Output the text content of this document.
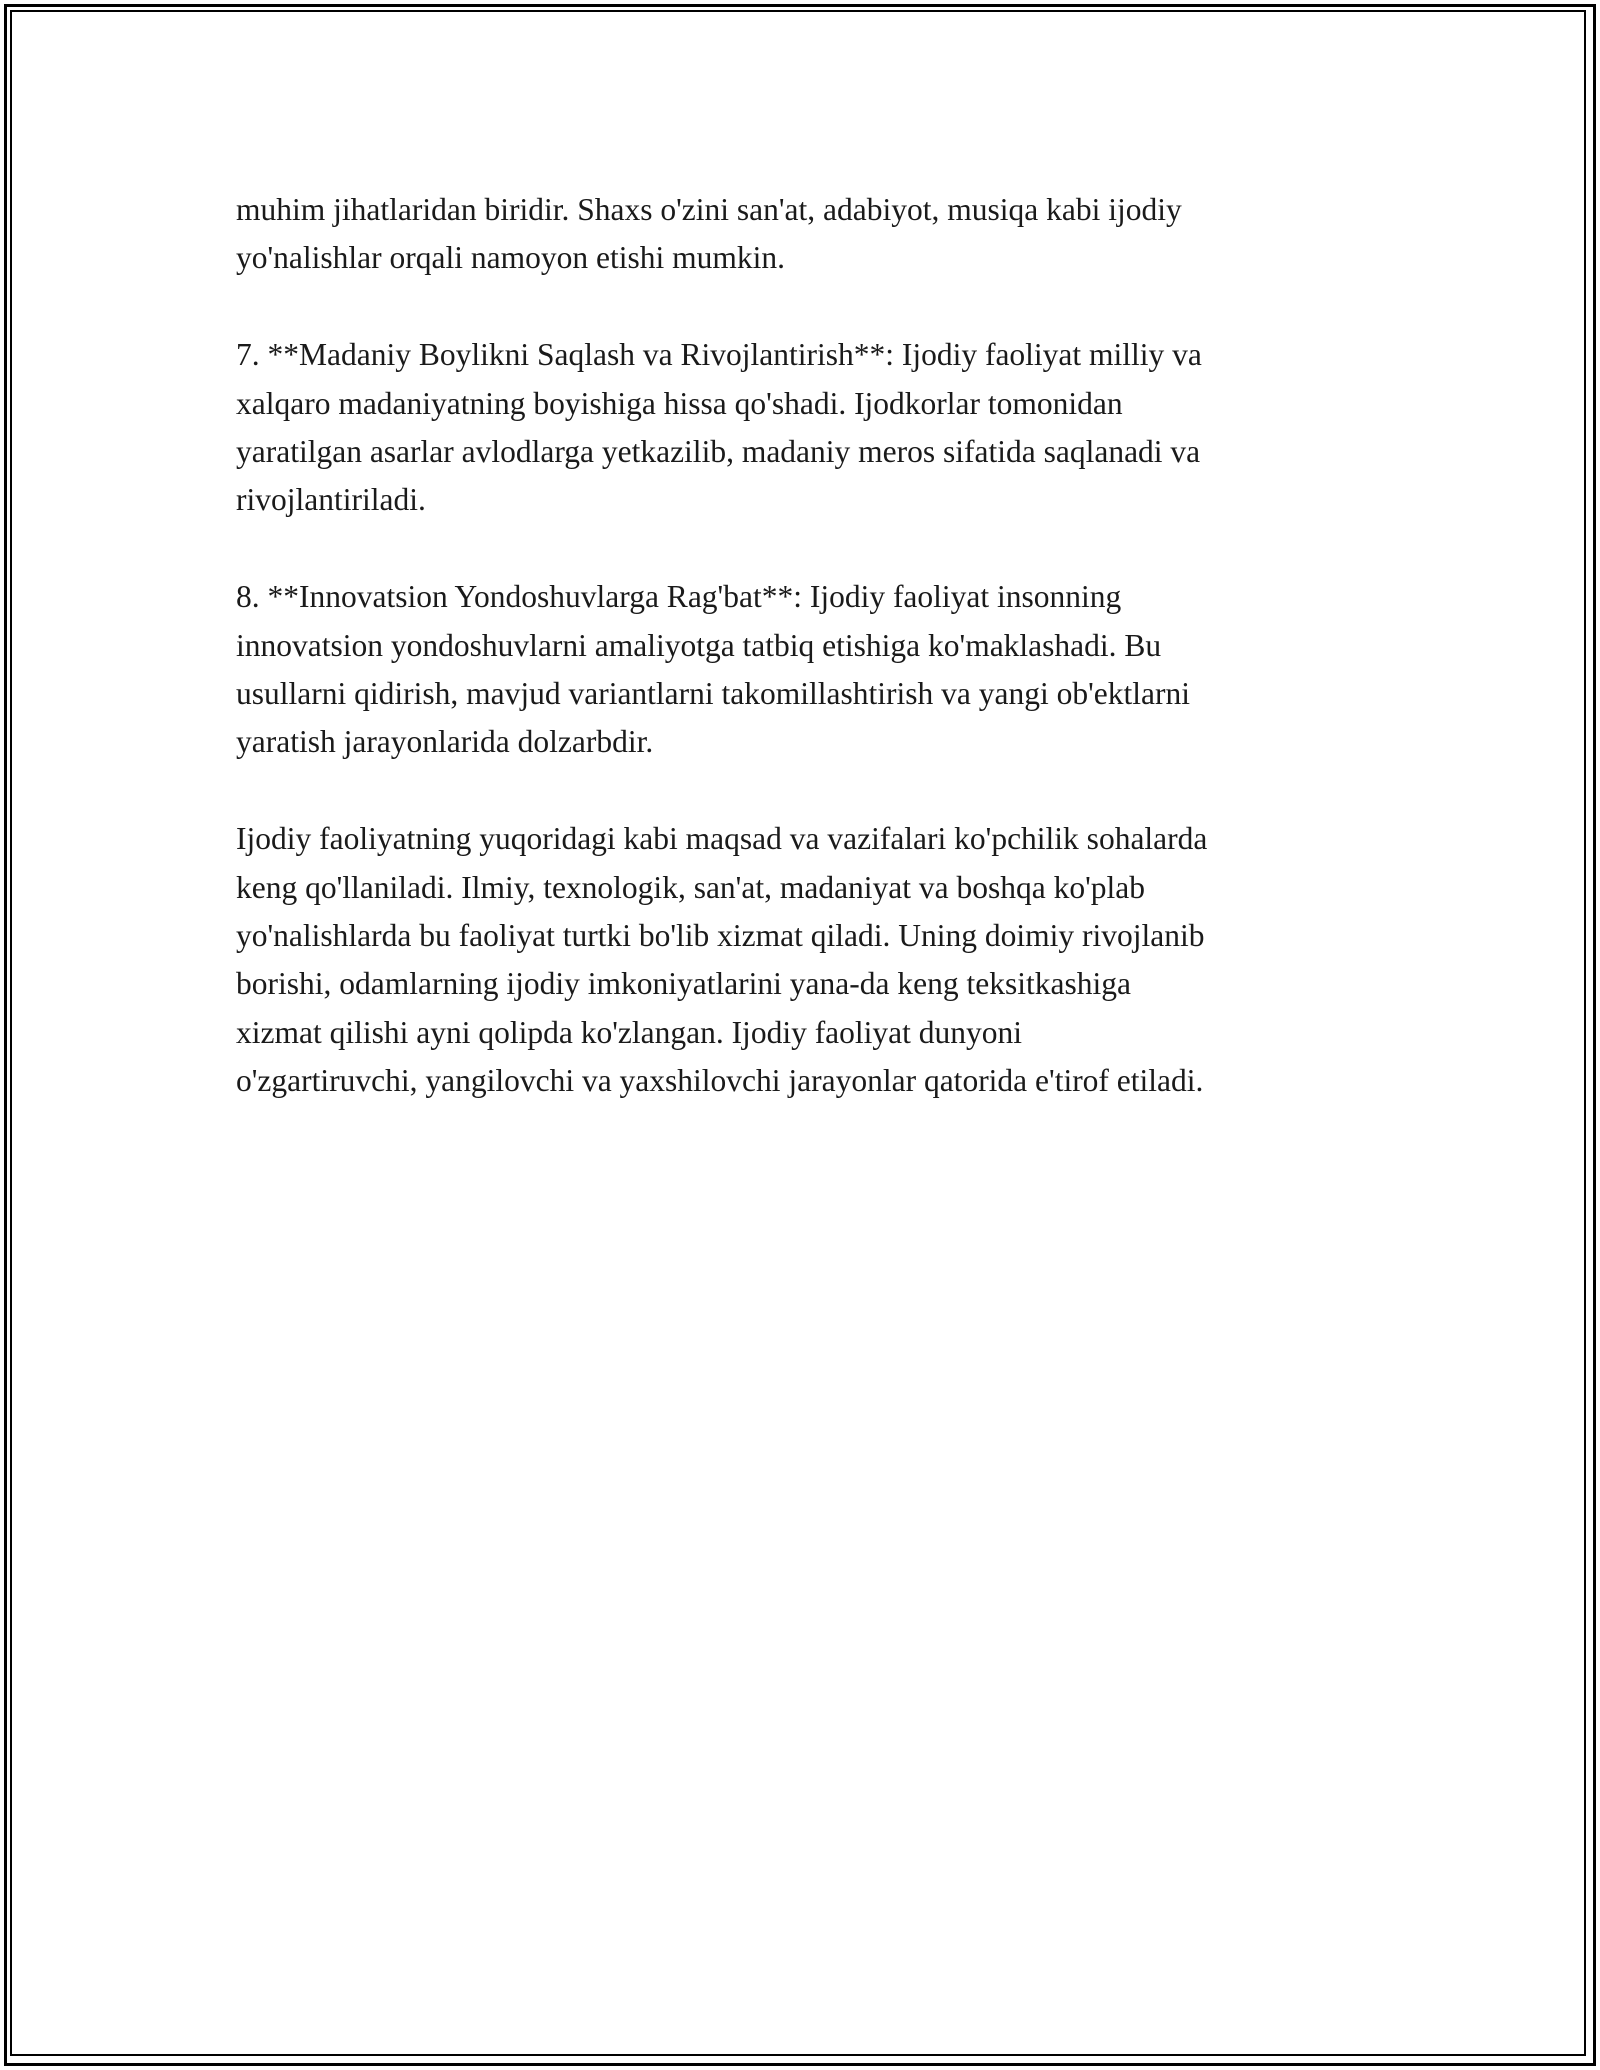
muhim jihatlaridan biridir. Shaxs o'zini san'at, adabiyot, musiqa kabi ijodiy
yo'nalishlar orqali namoyon etishi mumkin.

7. **Madaniy Boylikni Saqlash va Rivojlantirish**: Ijodiy faoliyat milliy va
xalqaro madaniyatning boyishiga hissa qo'shadi. Ijodkorlar tomonidan
yaratilgan asarlar avlodlarga yetkazilib, madaniy meros sifatida saqlanadi va
rivojlantiriladi.

8. **Innovatsion Yondoshuvlarga Rag'bat**: Ijodiy faoliyat insonning
innovatsion yondoshuvlarni amaliyotga tatbiq etishiga ko'maklashadi. Bu
usullarni qidirish, mavjud variantlarni takomillashtirish va yangi ob'ektlarni
yaratish jarayonlarida dolzarbdir.

Ijodiy faoliyatning yuqoridagi kabi maqsad va vazifalari ko'pchilik sohalarda
keng qo'llaniladi. Ilmiy, texnologik, san'at, madaniyat va boshqa ko'plab
yo'nalishlarda bu faoliyat turtki bo'lib xizmat qiladi. Uning doimiy rivojlanib
borishi, odamlarning ijodiy imkoniyatlarini yana-da keng teksitkashiga
xizmat qilishi ayni qolipda ko'zlangan. Ijodiy faoliyat dunyoni
o'zgartiruvchi, yangilovchi va yaxshilovchi jarayonlar qatorida e'tirof etiladi.
